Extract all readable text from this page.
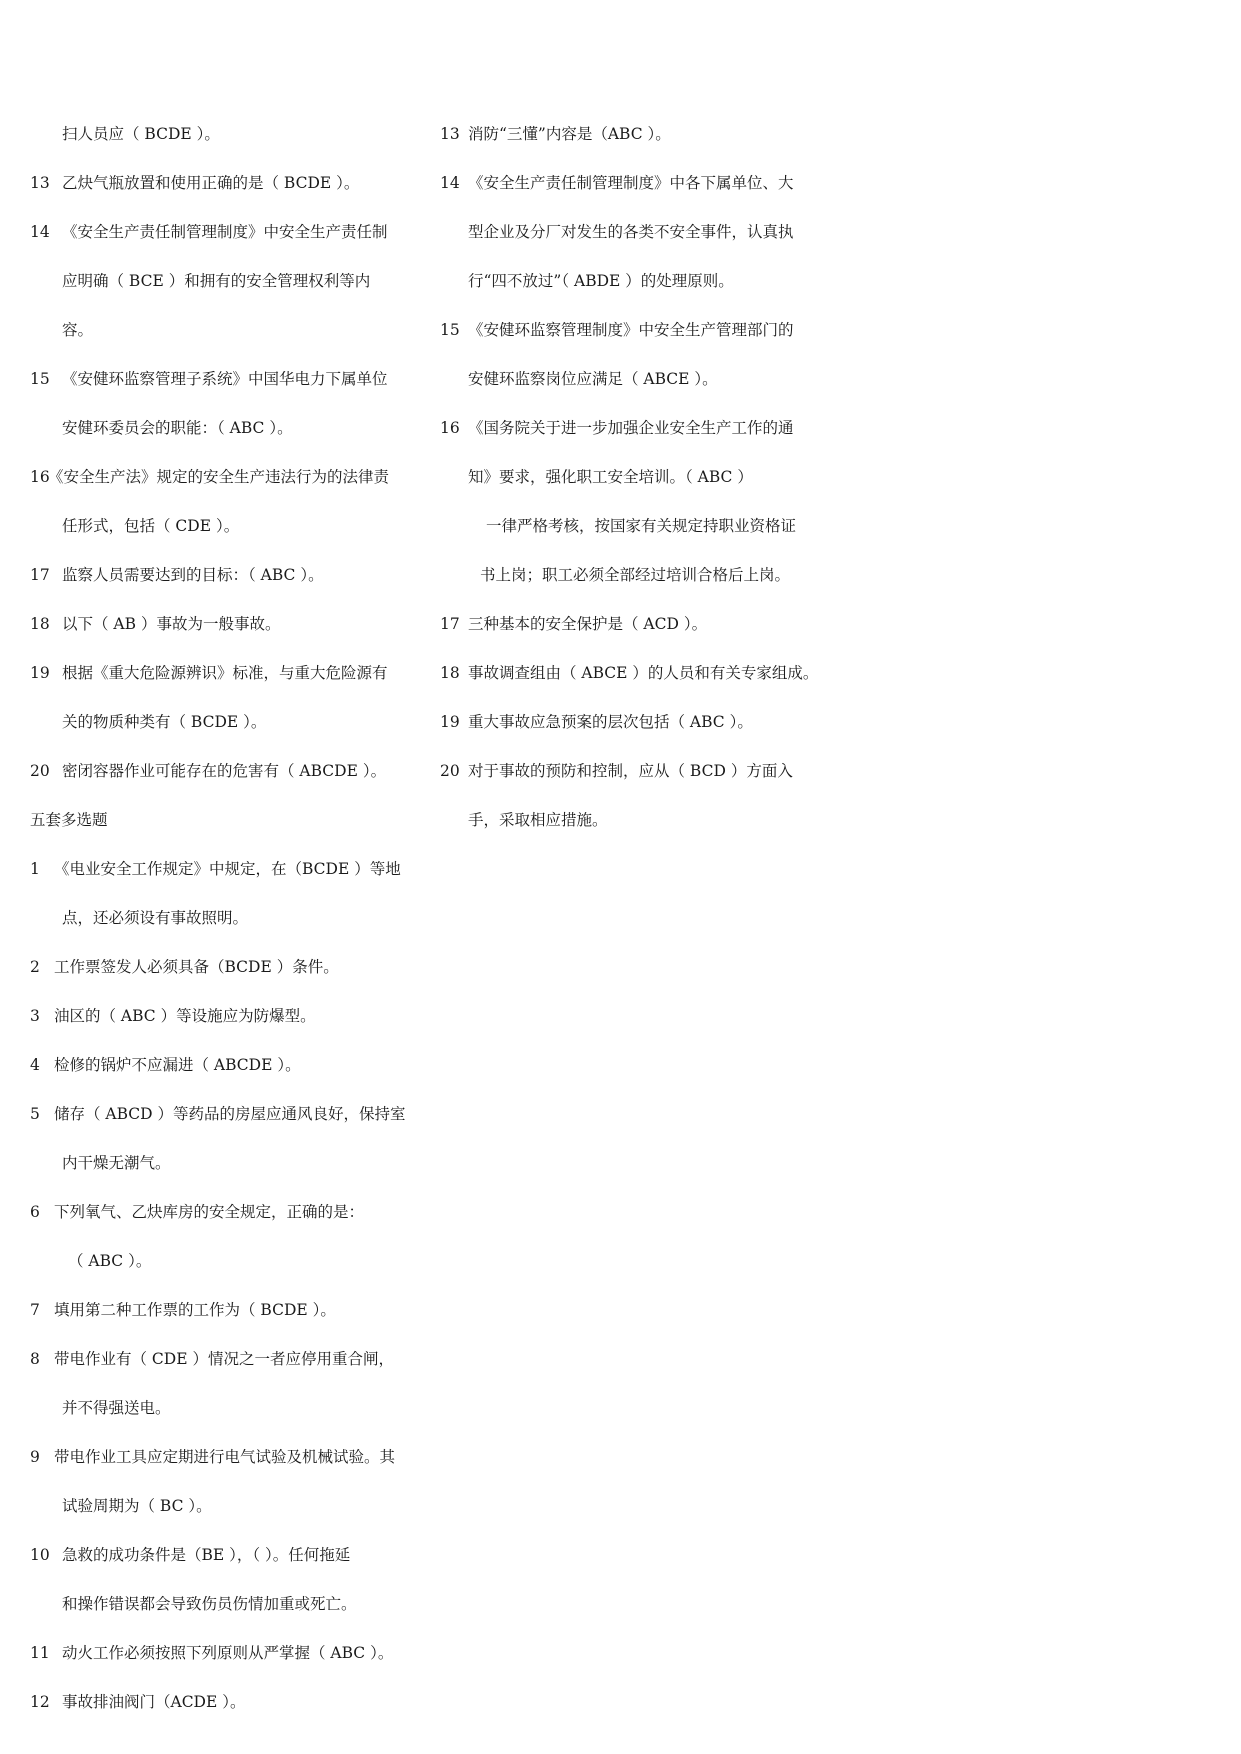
扫人员应（ BCDE ）。
13 乙炔气瓶放置和使用正确的是（ BCDE ）。
14 《安全生产责任制管理制度》中安全生产责任制
应明确（ BCE ）和拥有的安全管理权利等内
容。
15 《安健环监察管理子系统》中国华电力下属单位
安健环委员会的职能：（ ABC ）。
16
《安全生产法》规定的安全生产违法行为的法律责
任形式，包括（ CDE ）。
17 监察人员需要达到的目标：（ ABC ）。
18 以下（ AB ）事故为一般事故。
19 根据《重大危险源辨识》标准，与重大危险源有
关的物质种类有（ BCDE ）。
20 密闭容器作业可能存在的危害有（ ABCDE ）。
五套多选题
1 《电业安全工作规定》中规定，在（BCDE ）等地
点，还必须设有事故照明。
2 工作票签发人必须具备（BCDE ）条件。
3 油区的（ ABC ）等设施应为防爆型。
4 检修的锅炉不应漏进（ ABCDE ）。
5 储存（ ABCD ）等药品的房屋应通风良好，保持室
内干燥无潮气。
6 下列氧气、乙炔库房的安全规定，正确的是：
（ ABC ）。
7 填用第二种工作票的工作为（ BCDE ）。
8 带电作业有（ CDE ）情况之一者应停用重合闸，
并不得强送电。
9 带电作业工具应定期进行电气试验及机械试验。其
试验周期为（ BC ）。
10 急救的成功条件是（BE ），（ ）。任何拖延
和操作错误都会导致伤员伤情加重或死亡。
11 动火工作必须按照下列原则从严掌握（ ABC ）。
12 事故排油阀门（ACDE ）。
13 消防“三懂”内容是（ABC ）。
14 《安全生产责任制管理制度》中各下属单位、大
型企业及分厂对发生的各类不安全事件，认真执
行“四不放过”（ ABDE ）的处理原则。
15 《安健环监察管理制度》中安全生产管理部门的
安健环监察岗位应满足（ ABCE ）。
16 《国务院关于进一步加强企业安全生产工作的通
知》要求，强化职工安全培训。（ ABC ）
一律严格考核，按国家有关规定持职业资格证
书上岗；职工必须全部经过培训合格后上岗。
17 三种基本的安全保护是（ ACD ）。
18 事故调查组由（ ABCE ）的人员和有关专家组成。
19 重大事故应急预案的层次包括（ ABC ）。
20 对于事故的预防和控制，应从（ BCD ）方面入
手，采取相应措施。
